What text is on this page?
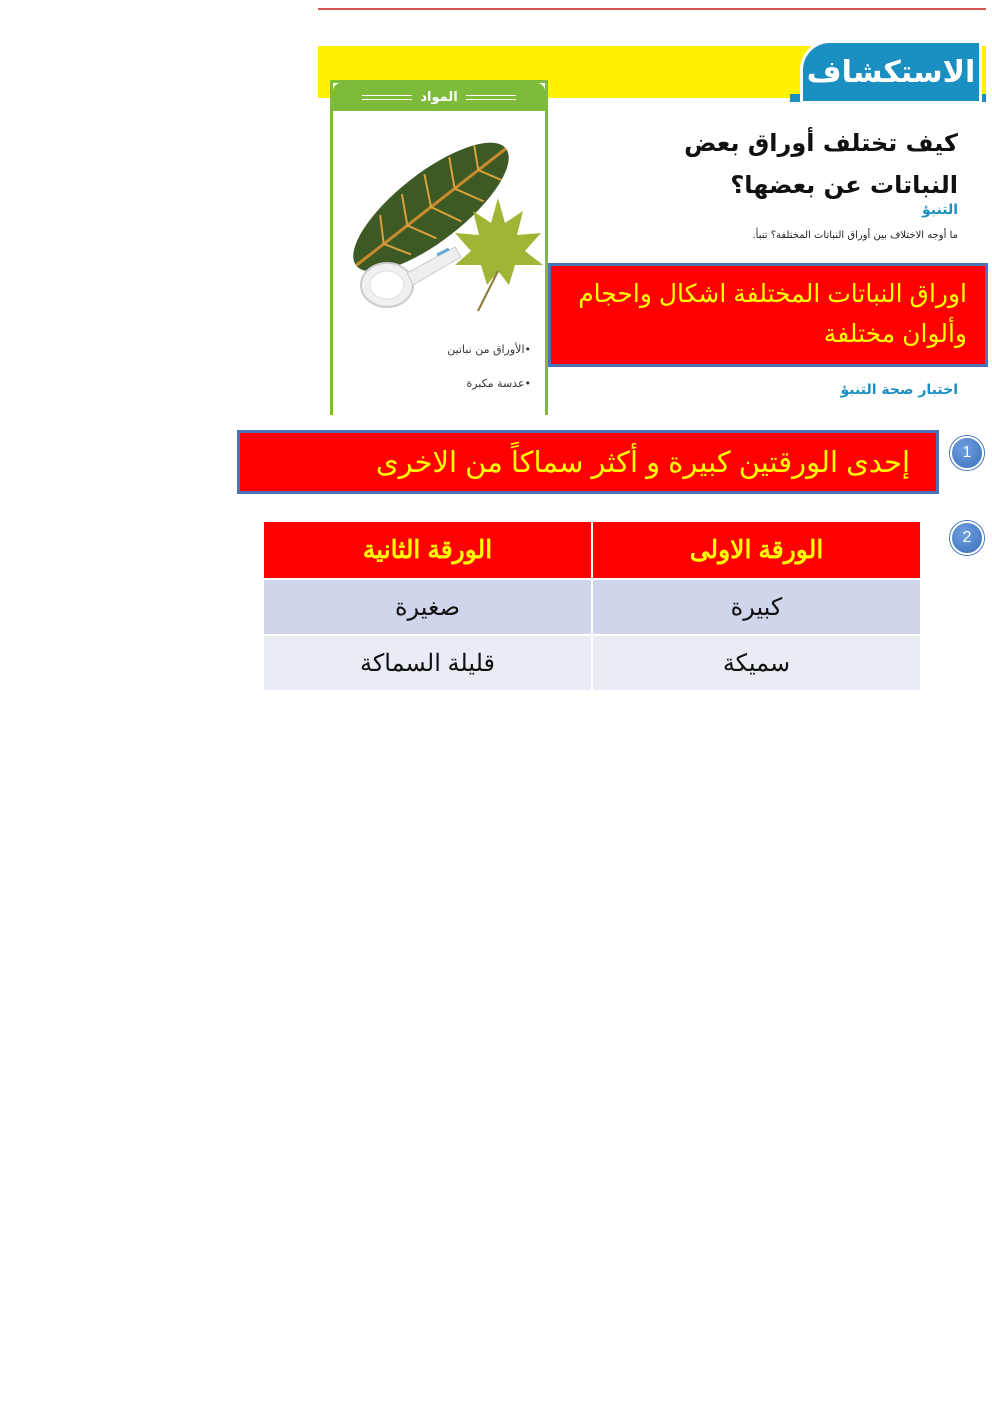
الاستكشاف
المواد
•الأوراق من نباتين
•عدسة مكبرة
كيف تختلف أوراق بعض النباتات عن بعضها؟
التنبؤ
ما أوجه الاختلاف بين أوراق النباتات المختلفة؟ تنبأ.
اختبار صحة التنبؤ
اوراق النباتات المختلفة اشكال واحجام وألوان مختلفة
1
إحدى الورقتين كبيرة و أكثر سماكاً من الاخرى
2
الورقة الاولى	الورقة الثانية
كبيرة	صغيرة
سميكة	قليلة السماكة
